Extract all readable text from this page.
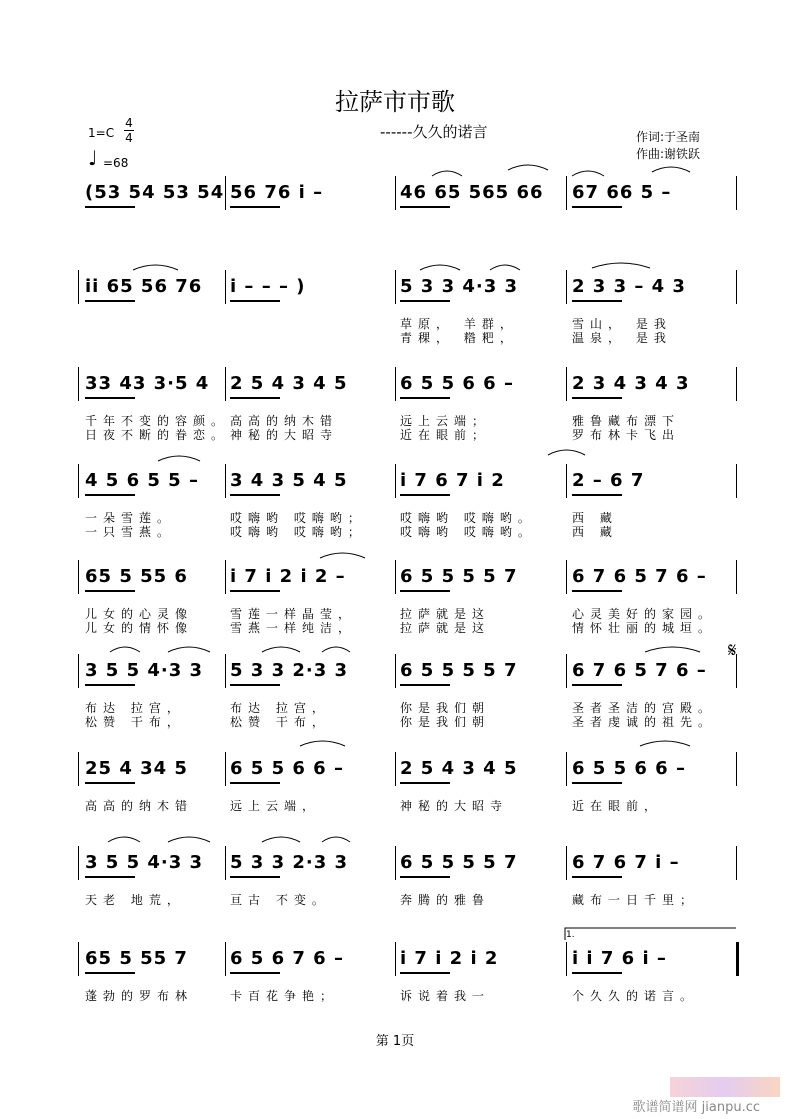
拉萨市市歌
------久久的诺言
1=C
4
4
♩ =68
作词:于圣南
作曲:谢铁跃
(53 54 53 54 56 76 i –	46 65 565 66 67 66 5 –
ii 65 56 76 i – – – )	5 3 3 4·3 3	2 3 3 – 4 3
草原， 羊群，	雪山， 是我
青稞， 糌粑，	温泉， 是我
33 43 3·5 4 2 5 4 3 4 5	6 5 5 6 6 –	2 3 4 3 4 3
千年不变的容颜。 高高的纳木错	远上云端；	雅鲁藏布漂下
日夜不断的眷恋。 神秘的大昭寺	近在眼前；	罗布林卡飞出
4 5 6 5 5 – 3 4 3 5 4 5	i 7 6 7 i 2	2 – 6 7
一朵雪莲。	哎嗨哟 哎嗨哟；	哎嗨哟 哎嗨哟。	西 藏
一只雪燕。	哎嗨哟 哎嗨哟；	哎嗨哟 哎嗨哟。	西 藏
65 5 55 6 i 7 i 2 i 2 –	6 5 5 5 5 7	6 7 6 5 7 6 –
儿女的心灵像	雪莲一样晶莹，	拉萨就是这	心灵美好的家园。
儿女的情怀像	雪燕一样纯洁，	拉萨就是这	情怀壮丽的城垣。
3 5 5 4·3 3 5 3 3 2·3 3	6 5 5 5 5 7	6 7 6 5 7 6 –
布达 拉宫，	布达 拉宫，	你是我们朝	圣者圣洁的宫殿。
松赞 干布，	松赞 干布，	你是我们朝	圣者虔诚的祖先。
25 4 34 5 6 5 5 6 6 –	2 5 4 3 4 5	6 5 5 6 6 –
高高的纳木错	远上云端，	神秘的大昭寺	近在眼前，
3 5 5 4·3 3 5 3 3 2·3 3	6 5 5 5 5 7	6 7 6 7 i –
天老 地荒，	亘古 不变。	奔腾的雅鲁	藏布一日千里；
65 5 55 7 6 5 6 7 6 –	i 7 i 2 i 2	i i 7 6 i –
蓬勃的罗布林	卡百花争艳；	诉说着我一	个久久的诺言。
第 1页
歌谱简谱网 jianpu.cc
1.
𝄋
